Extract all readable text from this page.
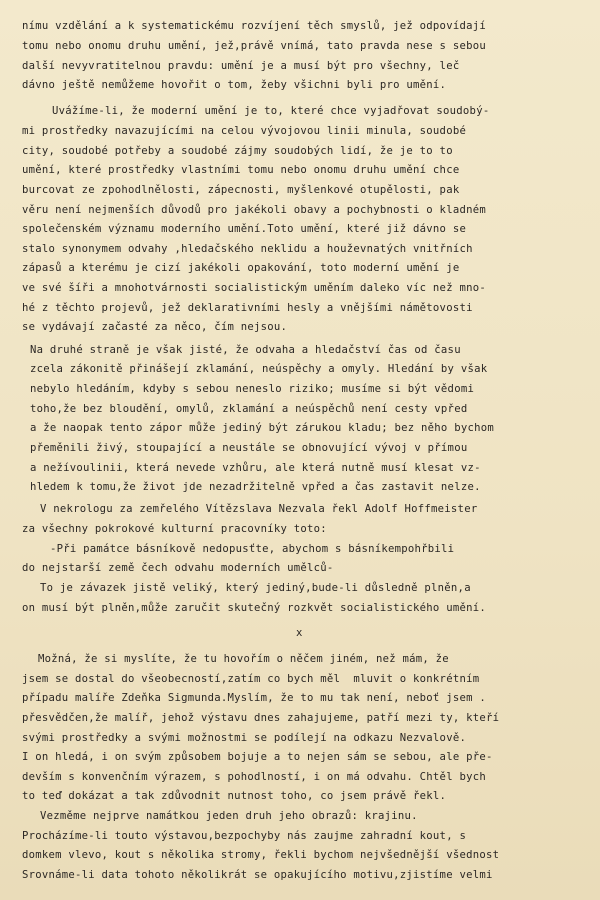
nímu vzdělání a k systematickému rozvíjení těch smyslů, jež odpovídají
tomu nebo onomu druhu umění, jež,právě vnímá, tato pravda nese s sebou
další nevyvratitelnou pravdu: umění je a musí být pro všechny, leč
dávno ještě nemůžeme hovořit o tom, žeby všichni byli pro umění.
Uvážíme-li, že moderní umění je to, které chce vyjadřovat soudobý-
mi prostředky navazujícími na celou vývojovou linii minula, soudobé
city, soudobé potřeby a soudobé zájmy soudobých lidí, že je to to
umění, které prostředky vlastními tomu nebo onomu druhu umění chce
burcovat ze zpohodlnělosti, zápecnosti, myšlenkové otupělosti, pak
věru není nejmenších důvodů pro jakékoli obavy a pochybnosti o kladném
společenském významu moderního umění.Toto umění, které již dávno se
stalo synonymem odvahy ,hledačského neklidu a houževnatých vnitřních
zápasů a kterému je cizí jakékoli opakování, toto moderní umění je
ve své šíři a mnohotvárnosti socialistickým uměním daleko víc než mno-
hé z těchto projevů, jež deklarativními hesly a vnějšími námětovosti
se vydávají začasté za něco, čím nejsou.
Na druhé straně je však jisté, že odvaha a hledačství čas od času
zcela zákonitě přinášejí zklamání, neúspěchy a omyly. Hledání by však
nebylo hledáním, kdyby s sebou neneslo riziko; musíme si být vědomi
toho,že bez bloudění, omylů, zklamání a neúspěchů není cesty vpřed
a že naopak tento zápor může jediný být zárukou kladu; bez něho bychom
přeměnili živý, stoupající a neustále se obnovující vývoj v přímou
a nežívoulinii, která nevede vzhůru, ale která nutně musí klesat vz-
hledem k tomu,že život jde nezadržitelně vpřed a čas zastavit nelze.
V nekrologu za zemřelého Vítězslava Nezvala řekl Adolf Hoffmeister
za všechny pokrokové kulturní pracovníky toto:
-Při památce básníkově nedopusťte, abychom s básníkempohřbili
do nejstarší země čech odvahu moderních umělců-
To je závazek jistě veliký, který jediný,bude-li důsledně plněn,a
on musí být plněn,může zaručit skutečný rozkvět socialistického umění.
x
Možná, že si myslíte, že tu hovořím o něčem jiném, než mám, že
jsem se dostal do všeobecností,zatím co bych měl  mluvit o konkrétním
případu malíře Zdeňka Sigmunda.Myslím, že to mu tak není, neboť jsem .
přesvědčen,že malíř, jehož výstavu dnes zahajujeme, patří mezi ty, kteří
svými prostředky a svými možnostmi se podílejí na odkazu Nezvalově.
I on hledá, i on svým způsobem bojuje a to nejen sám se sebou, ale pře-
devším s konvenčním výrazem, s pohodlností, i on má odvahu. Chtěl bych
to teď dokázat a tak zdůvodnit nutnost toho, co jsem právě řekl.
Vezměme nejprve namátkou jeden druh jeho obrazů: krajinu.
Procházíme-li touto výstavou,bezpochyby nás zaujme zahradní kout, s
domkem vlevo, kout s několika stromy, řekli bychom nejvšednější všednost
Srovnáme-li data tohoto několikrát se opakujícího motivu,zjistíme velmi
